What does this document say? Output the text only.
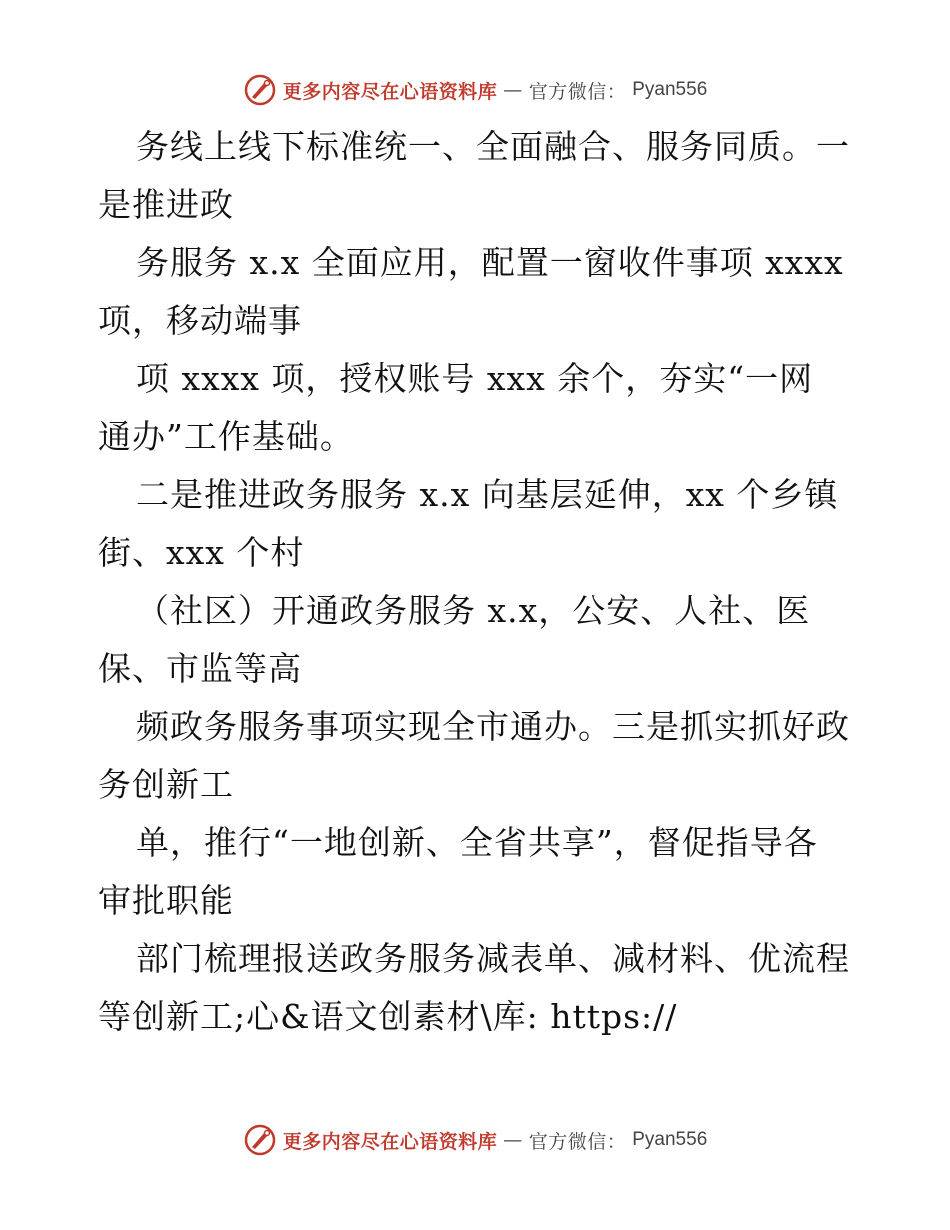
更多内容尽在心语资料库 — 官方微信： Pyan556
务线上线下标准统一、全面融合、服务同质。一
是推进政
务服务 x.x 全面应用，配置一窗收件事项 xxxx
项，移动端事
项 xxxx 项，授权账号 xxx 余个，夯实“一网
通办”工作基础。
二是推进政务服务 x.x 向基层延伸，xx 个乡镇
街、xxx 个村
（社区）开通政务服务 x.x，公安、人社、医
保、市监等高
频政务服务事项实现全市通办。三是抓实抓好政
务创新工
单，推行“一地创新、全省共享”，督促指导各
审批职能
部门梳理报送政务服务减表单、减材料、优流程
等创新工;心&语文创素材\库: https://
更多内容尽在心语资料库 — 官方微信： Pyan556
